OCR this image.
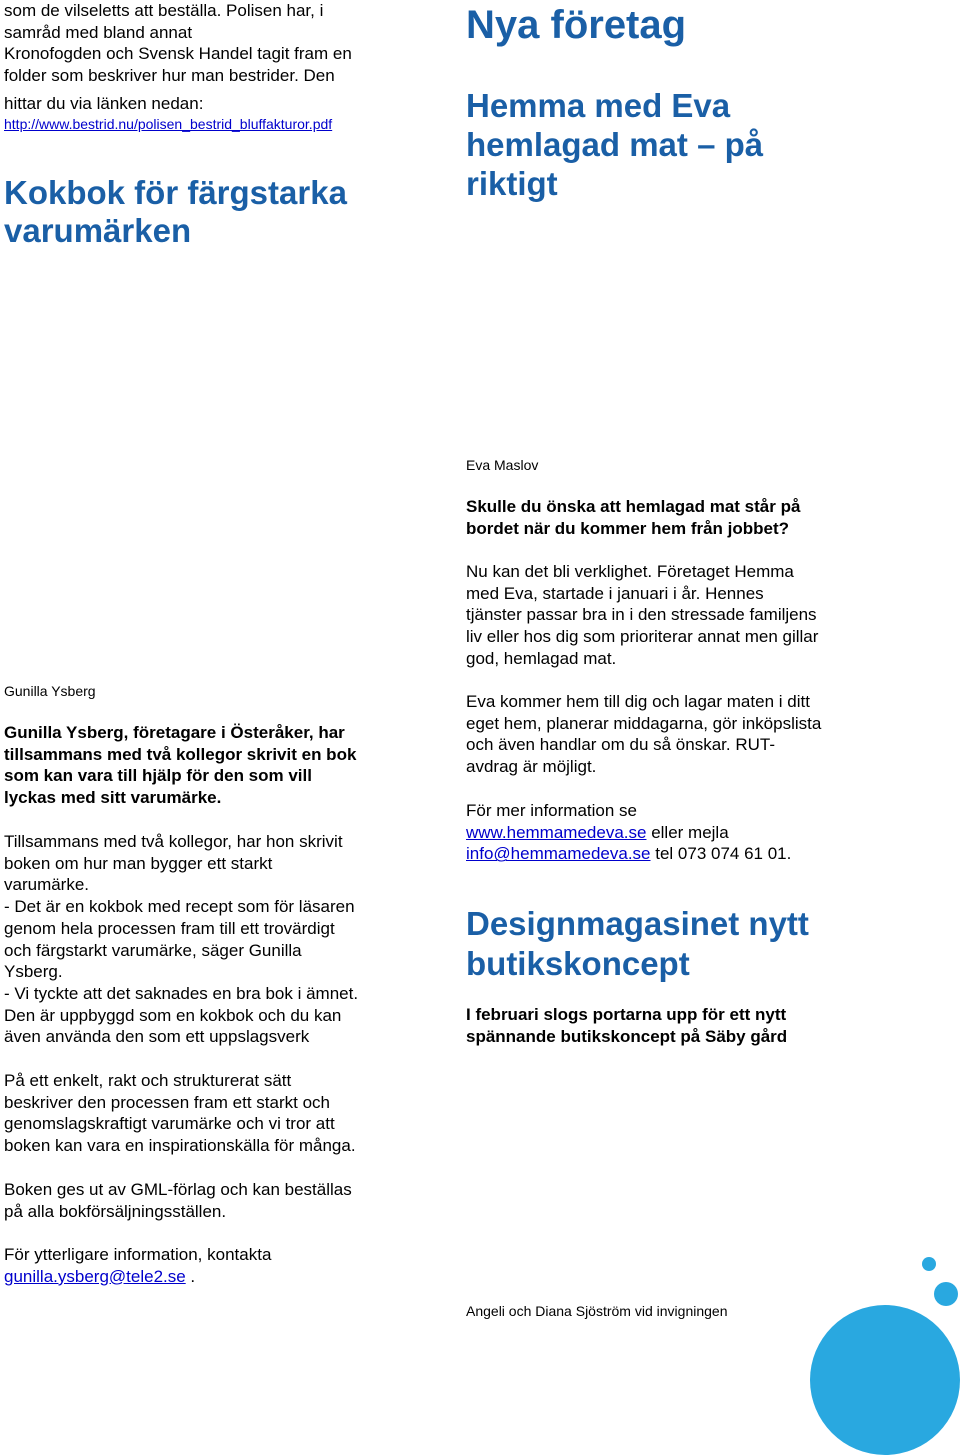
som de vilseletts att beställa. Polisen har, i

samråd med bland annat

Kronofogden och Svensk Handel tagit fram en

folder som beskriver hur man bestrider. Den

hittar du via länken nedan:

http://www.bestrid.nu/polisen_bestrid_bluffakturor.pdf

Kokbok för färgstarka

varumärken

Gunilla Ysberg

Gunilla Ysberg, företagare i Österåker, har

tillsammans med två kollegor skrivit en bok

som kan vara till hjälp för den som vill

lyckas med sitt varumärke.

Tillsammans med två kollegor, har hon skrivit

boken om hur man bygger ett starkt

varumärke.

- Det är en kokbok med recept som för läsaren

genom hela processen fram till ett trovärdigt

och färgstarkt varumärke, säger Gunilla

Ysberg.

- Vi tyckte att det saknades en bra bok i ämnet.

Den är uppbyggd som en kokbok och du kan

även använda den som ett uppslagsverk

På ett enkelt, rakt och strukturerat sätt

beskriver den processen fram ett starkt och

genomslagskraftigt varumärke och vi tror att

boken kan vara en inspirationskälla för många.

Boken ges ut av GML-förlag och kan beställas

på alla bokförsäljningsställen.

För ytterligare information, kontakta

gunilla.ysberg@tele2.se .

Nya företag

Hemma med Eva

hemlagad mat – på

riktigt

Eva Maslov

Skulle du önska att hemlagad mat står på

bordet när du kommer hem från jobbet?

Nu kan det bli verklighet. Företaget Hemma

med Eva, startade i januari i år. Hennes

tjänster passar bra in i den stressade familjens

liv eller hos dig som prioriterar annat men gillar

god, hemlagad mat.

Eva kommer hem till dig och lagar maten i ditt

eget hem, planerar middagarna, gör inköpslista

och även handlar om du så önskar. RUT-

avdrag är möjligt.

För mer information se

www.hemmamedeva.se eller mejla

info@hemmamedeva.se tel 073 074 61 01.

Designmagasinet nytt

butikskoncept

I februari slogs portarna upp för ett nytt

spännande butikskoncept på Säby gård

Angeli och Diana Sjöström vid invigningen
